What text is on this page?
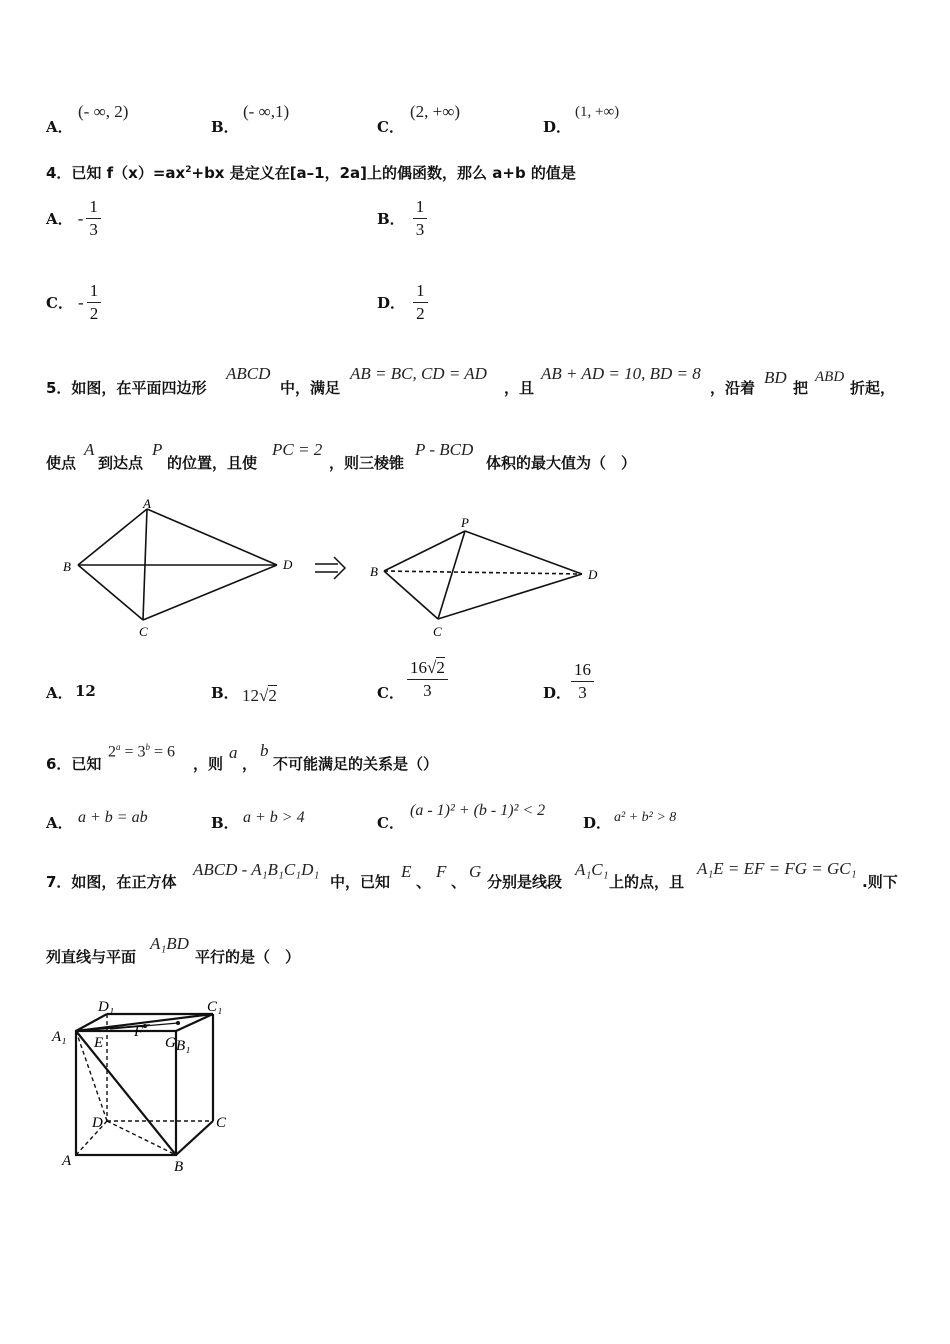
A．
(- ∞, 2)
B．
(- ∞,1)
C．
(2, +∞)
D．
(1, +∞)
4．已知 $f(x)=ax^2+bx$ 是定义在[a–1，2a]上的偶函数，那么 a+b 的值是
A． - $\frac{1}{3}$	B． $\frac{1}{3}$
C． - $\frac{1}{2}$	D． $\frac{1}{2}$
5．如图，在平面四边形
ABCD
中，满足
AB = BC, CD = AD
，且
AB + AD = 10, BD = 8
，沿着
BD
把
ABD
折起，
使点
A
到达点
P
的位置，且使
PC = 2
，则三棱锥
P - BCD
体积的最大值为（　）
A
B
C
D
P
B
C
D
A． 12	B． 12√2	C． $\frac{16√2}{3}$	D． $\frac{16}{3}$
6．已知
$2^a = 3^b = 6$
，则
a
，
b
不可能满足的关系是（）
A． a + b = ab	B． a + b > 4	C．
(a - 1)² + (b - 1)² < 2
D． a² + b² > 8
7．如图，在正方体
ABCD - A₁B₁C₁D₁
中，已知
E
、
F
、
G
分别是线段
A₁C₁
上的点，且
A₁E = EF = FG = GC₁
.则下
列直线与平面
A₁BD
平行的是（　）
D₁	C₁
A₁
B₁
E
F
G
D	C
A	B
